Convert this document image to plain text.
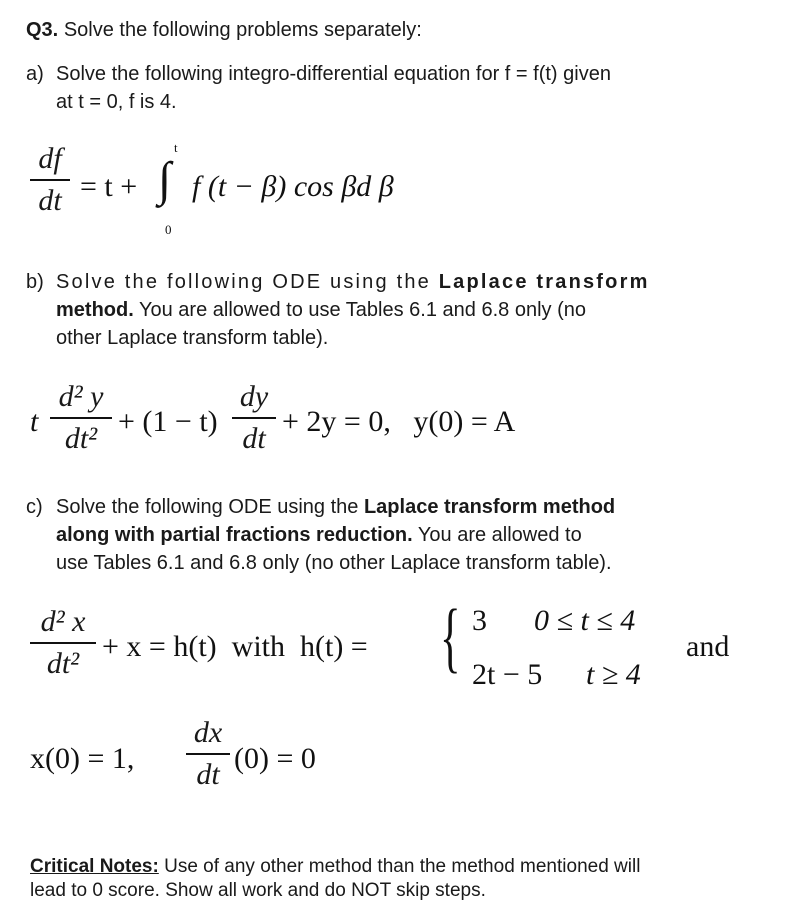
Q3. Solve the following problems separately:
a) Solve the following integro-differential equation for f = f(t) given
at t = 0, f is 4.
df
dt = t +
t
∫
0
f (t − β) cos βd β
b) Solve the following ODE using the Laplace transform
method. You are allowed to use Tables 6.1 and 6.8 only (no
other Laplace transform table).
t
d² y
dt²
+ (1 − t)
dy
dt
+ 2y = 0,   y(0) = A
c) Solve the following ODE using the Laplace transform method
along with partial fractions reduction. You are allowed to
use Tables 6.1 and 6.8 only (no other Laplace transform table).
d² x
dt²
+ x = h(t)  with  h(t) = { 3 0 ≤ t ≤ 4
2t − 5 t ≥ 4
and
x(0) = 1,
dx
dt (0) = 0
Critical Notes: Use of any other method than the method mentioned will
lead to 0 score. Show all work and do NOT skip steps.
